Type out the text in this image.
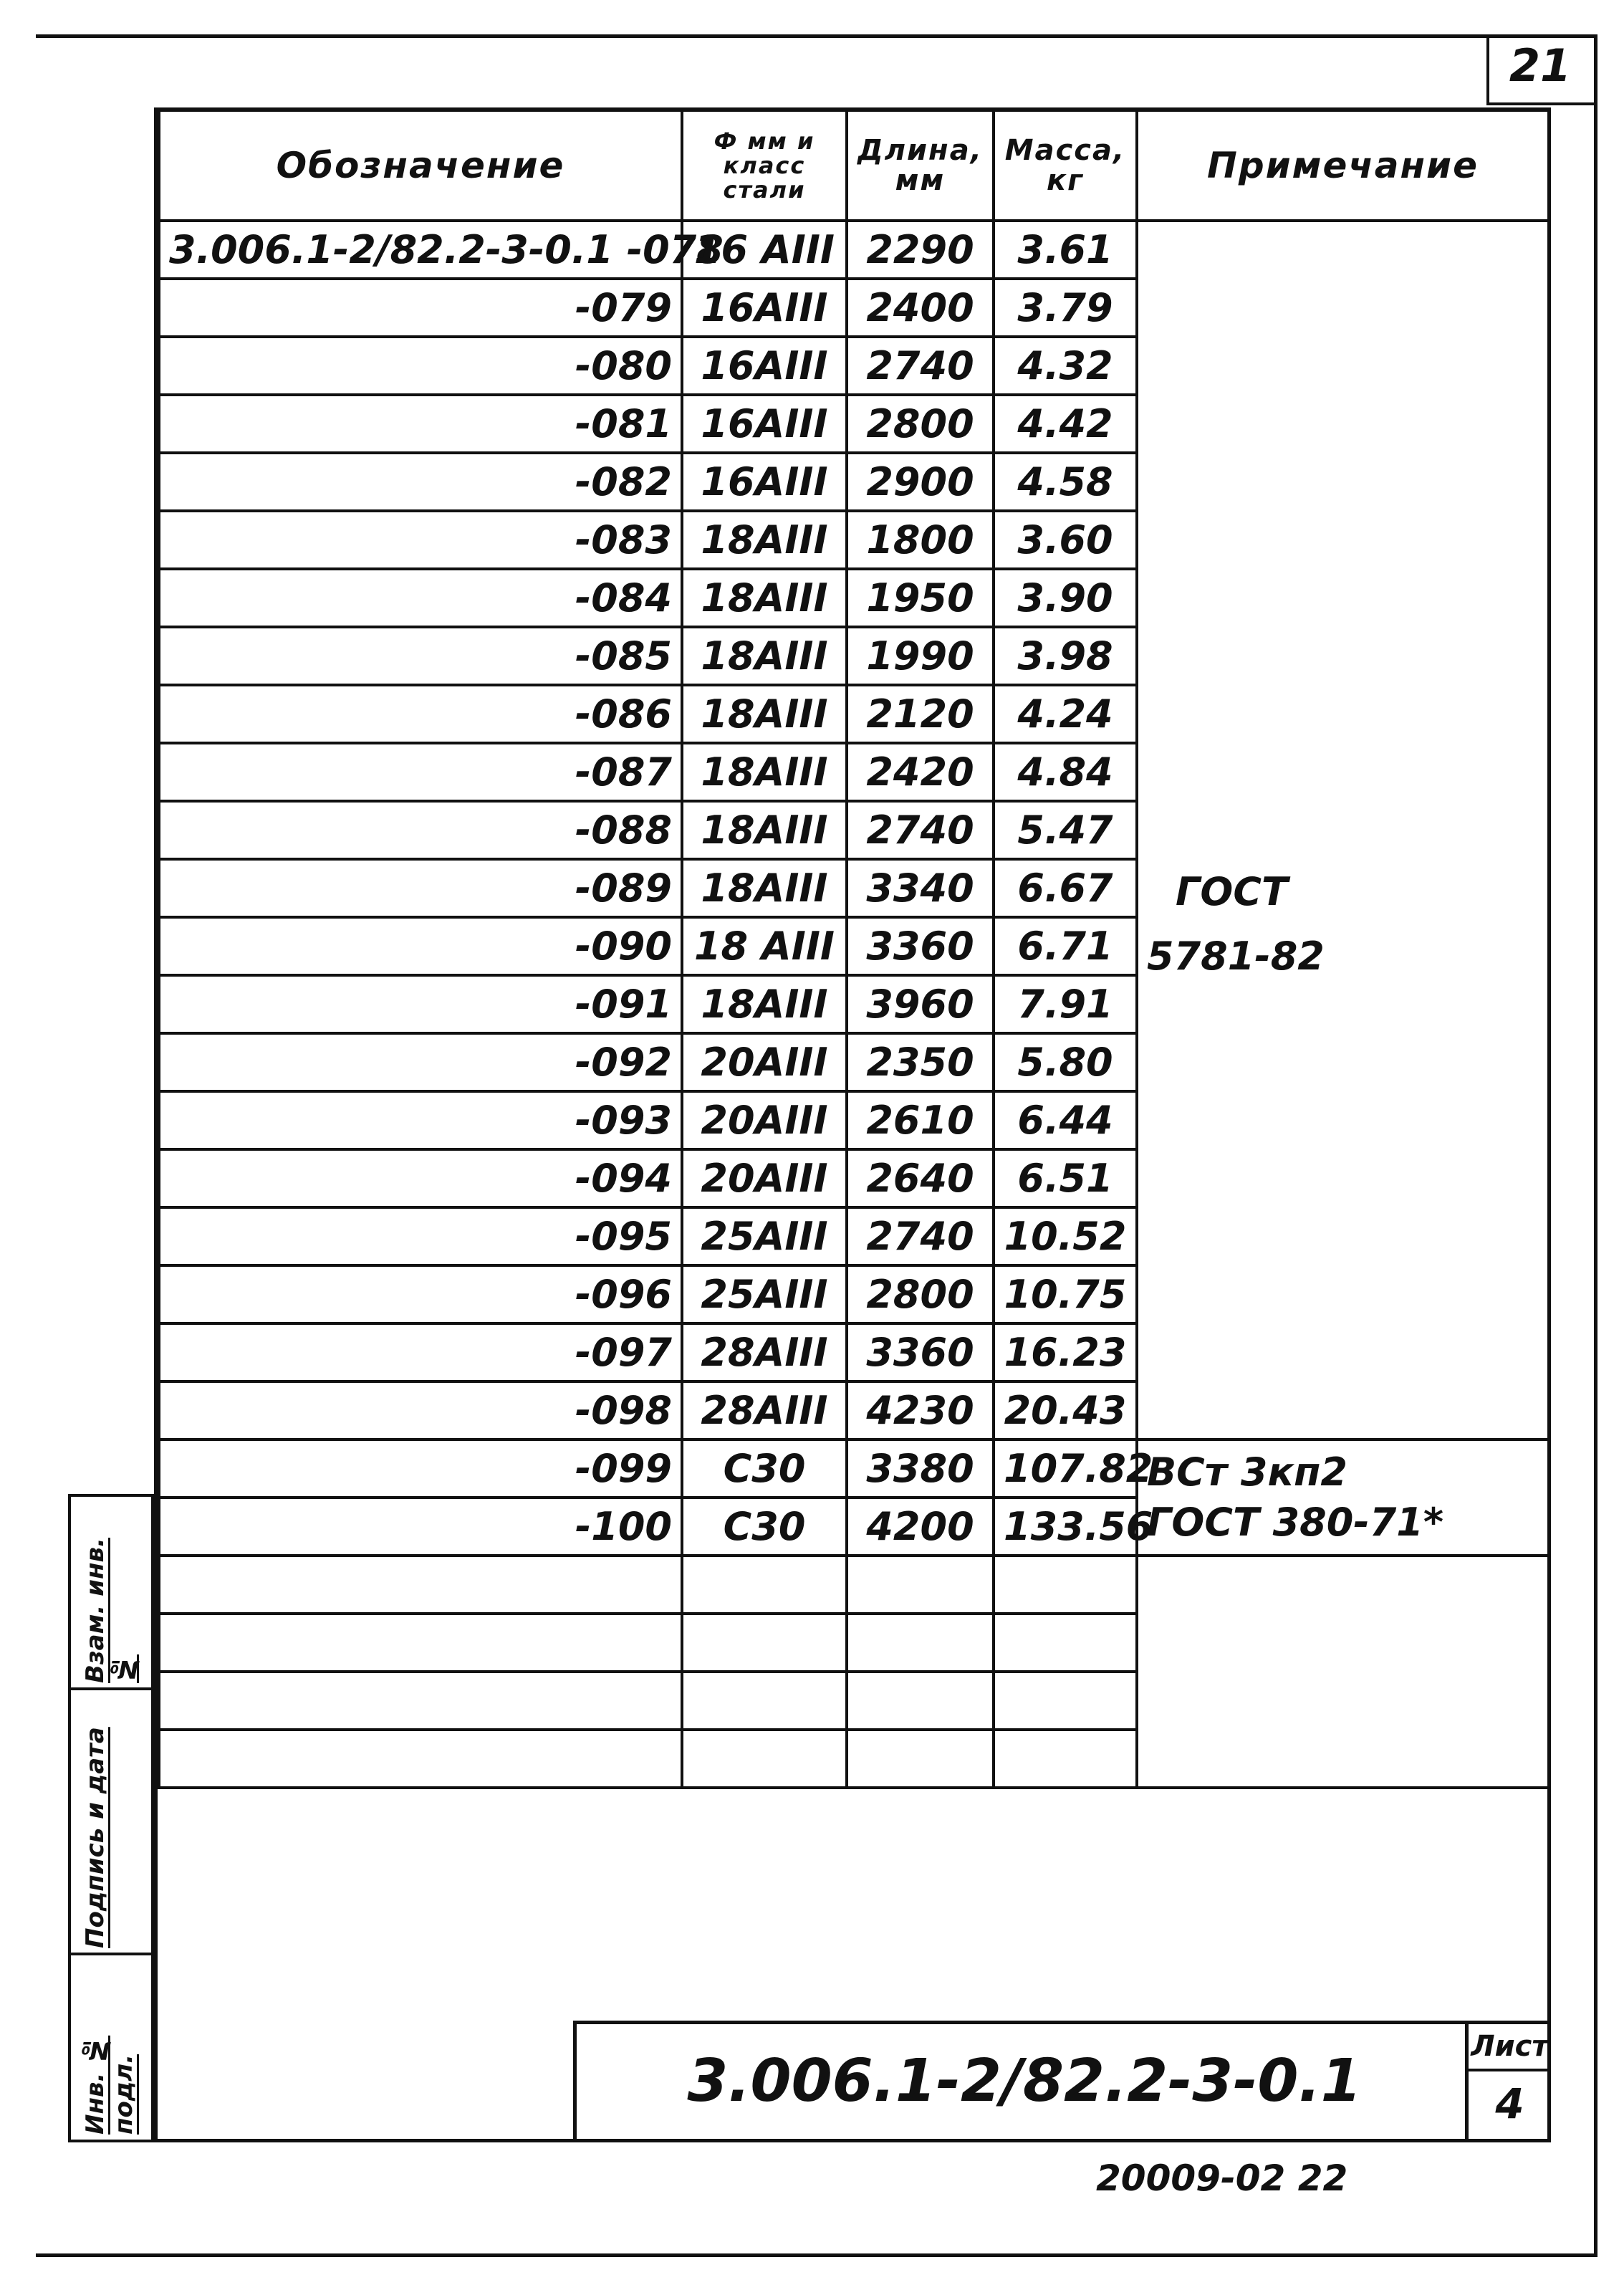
21
Обозначение	Ф мм и класс стали	Длина, мм	Масса, кг	Примечание
3.006.1-2/82.2-3-0.1 -078	16 AIII	2290	3.61	ГОСТ
5781-82

-079	16AIII	2400	3.79	
-080	16AIII	2740	4.32	
-081	16AIII	2800	4.42	
-082	16AIII	2900	4.58	
-083	18AIII	1800	3.60	
-084	18AIII	1950	3.90	
-085	18AIII	1990	3.98	
-086	18AIII	2120	4.24	
-087	18AIII	2420	4.84	
-088	18AIII	2740	5.47	
-089	18AIII	3340	6.67	
-090	18 AIII	3360	6.71	
-091	18AIII	3960	7.91	
-092	20AIII	2350	5.80	
-093	20AIII	2610	6.44	
-094	20AIII	2640	6.51	
-095	25AIII	2740	10.52	
-096	25AIII	2800	10.75	
-097	28AIII	3360	16.23	
-098	28AIII	4230	20.43	
-099	C30	3380	107.82	ВСт 3кп2
ГОСТ 380-71*

-100	C30	4200	133.56	

Взам. инв. №
Подпись и дата
Инв. № подл.	3.006.1-2/82.2-3-0.1
Лист
4
20009-02 22
